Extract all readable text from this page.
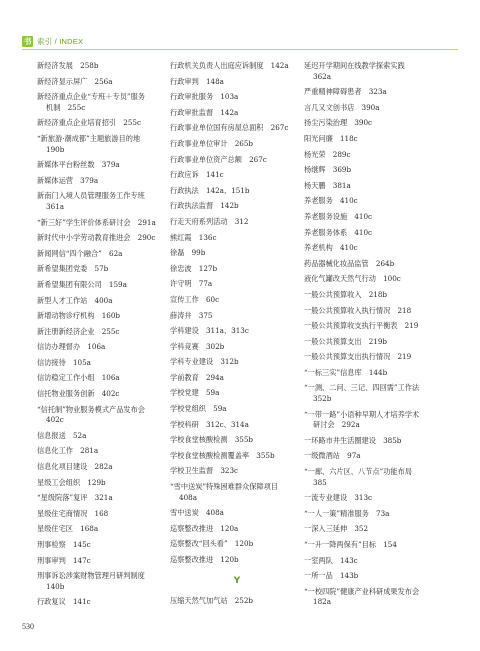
书 索引 / INDEX
新经济发展　258b
新经济显示屏广　256a
新经济重点企业“专班＋专员”服务
机制　255c
新经济重点企业培育招引　255c
“新旅游·潮成都”主题旅游目的地
190b
新媒体平台粉丝数　379a
新媒体运营　379a
新南门入境人员管理服务工作专班
361a
“新三好”学生评价体系研讨会　291a
新时代中小学劳动教育推进会　290c
新闻网信“四个融合”　62a
新希望集团党委　57b
新希望集团有限公司　159a
新型人才工作站　400a
新增动物诊疗机构　160b
新注册新经济企业　255c
信访办理督办　106a
信访接待　105a
信访稳定工作小组　106a
信托物业服务创新　402c
“信托制”物业服务模式产品发布会
402c
信息报送　52a
信息化工作　281a
信息化项目建设　282a
星级工会组织　129b
“星级院落”复评　321a
星级住宅商情况　168
星级住宅区　168a
刑事检察　145c
刑事审判　147c
刑事诉讼涉案财物管理月研判制度
140b
行政复议　141c
行政机关负责人出庭应诉制度　142a
行政审判　148a
行政审批服务　103a
行政审批监督　142a
行政事业单位国有房屋总面积　267c
行政事业单位审计　265b
行政事业单位资产总额　267c
行政应诉　141c
行政执法　142a、151b
行政执法监督　142b
行走天府系列活动　312
熊红霞　136c
徐磊　99b
徐忠波　127b
许守明　77a
宣传工作　60c
薛涛井　375
学科建设　311a、313c
学科竞赛　302b
学科专业建设　312b
学前教育　294a
学校党建　59a
学校党组织　59a
学校科研　312c、314a
学校食堂核酸检测　355b
学校食堂核酸检测覆盖率　355b
学校卫生监督　323c
“雪中送炭”特殊困难群众保障项目
408a
雪中送炭　408a
巡察整改推进　120a
巡察整改“回头看”　120b
巡察整改推进　120b
Y
压缩天然气加气站　252b
延迟开学期间在线教学探索实践
362a
严重精神障碍患者　323a
言几又文创书店　390a
扬尘污染治理　390c
阳光问廉　118c
杨光荣　289c
杨继辉　369b
杨天鹏　381a
养老服务　410c
养老服务设施　410c
养老服务体系　410c
养老机构　410c
药品器械化妆品监管　264b
液化气罐改天然气行动　100c
一般公共预算收入　218b
一般公共预算收入执行情况　218
一般公共预算收支执行平衡表　219
一般公共预算支出　219b
一般公共预算支出执行情况　219
“一标三实”信息库　144b
“一测、二问、三记、四回需”工作法
352b
“一带一路”小语种早期人才培养学术
研讨会　292a
一环路市井生活圈建设　385b
一级微酒站　97a
“一廊、六片区、八节点”功能布局
385
一流专业建设　313c
“一人一策”精准服务　73a
一深入三延伸　352
“一升一降两保有”目标　154
一室两队　143c
一所一品　143b
“一校四院”健康产业科研成果发布会
182a
530
